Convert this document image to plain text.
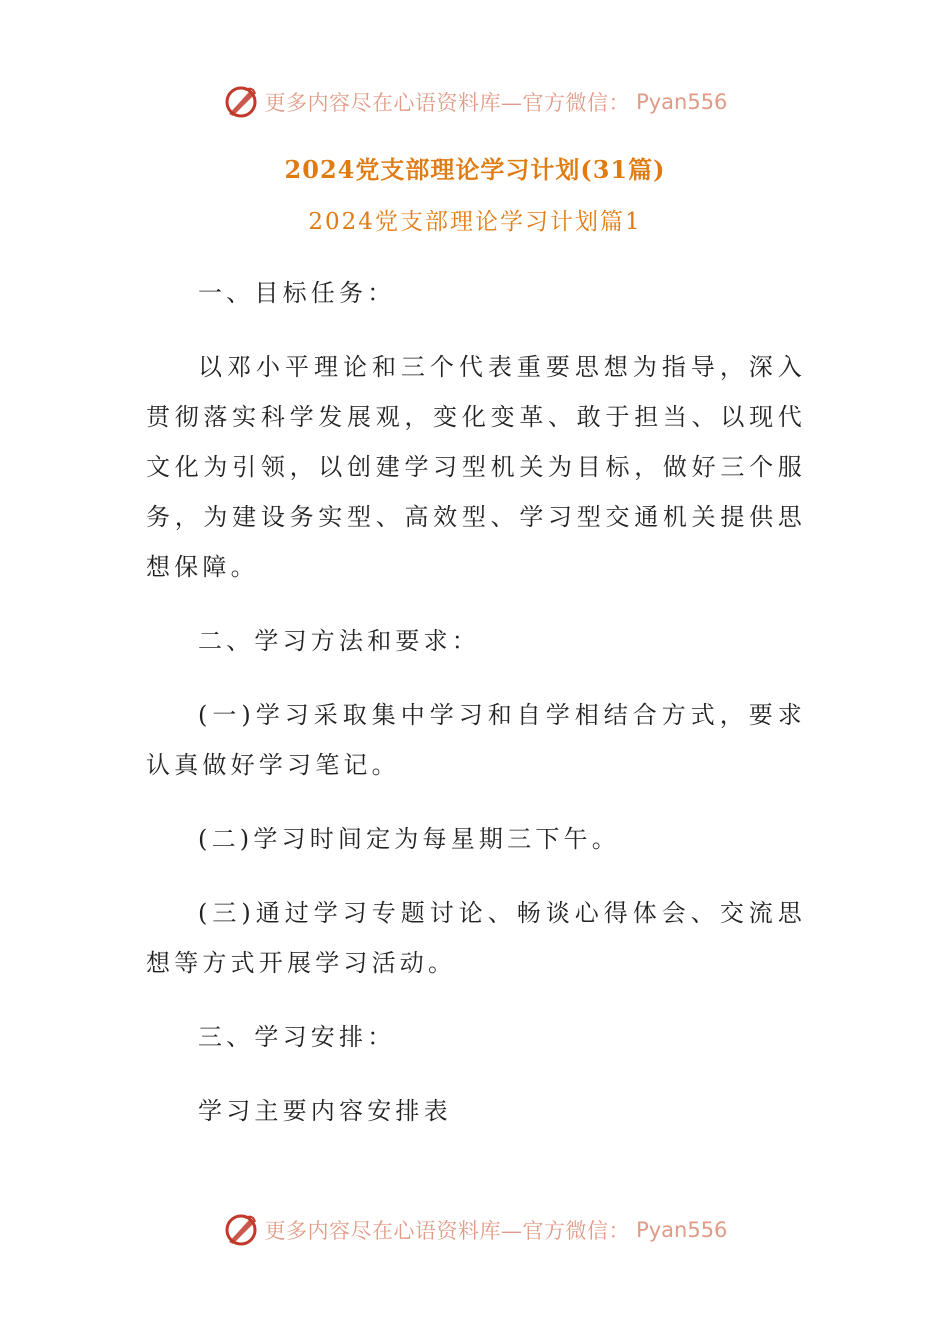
更多内容尽在心语资料库—官方微信： Pyan556
2024党支部理论学习计划(31篇)
2024党支部理论学习计划篇1

一、目标任务：

以邓小平理论和三个代表重要思想为指导，深入贯彻落实科学发展观，变化变革、敢于担当、以现代文化为引领，以创建学习型机关为目标，做好三个服务，为建设务实型、高效型、学习型交通机关提供思想保障。

二、学习方法和要求：

(一)学习采取集中学习和自学相结合方式，要求认真做好学习笔记。

(二)学习时间定为每星期三下午。

(三)通过学习专题讨论、畅谈心得体会、交流思想等方式开展学习活动。

三、学习安排：

学习主要内容安排表

更多内容尽在心语资料库—官方微信： Pyan556
